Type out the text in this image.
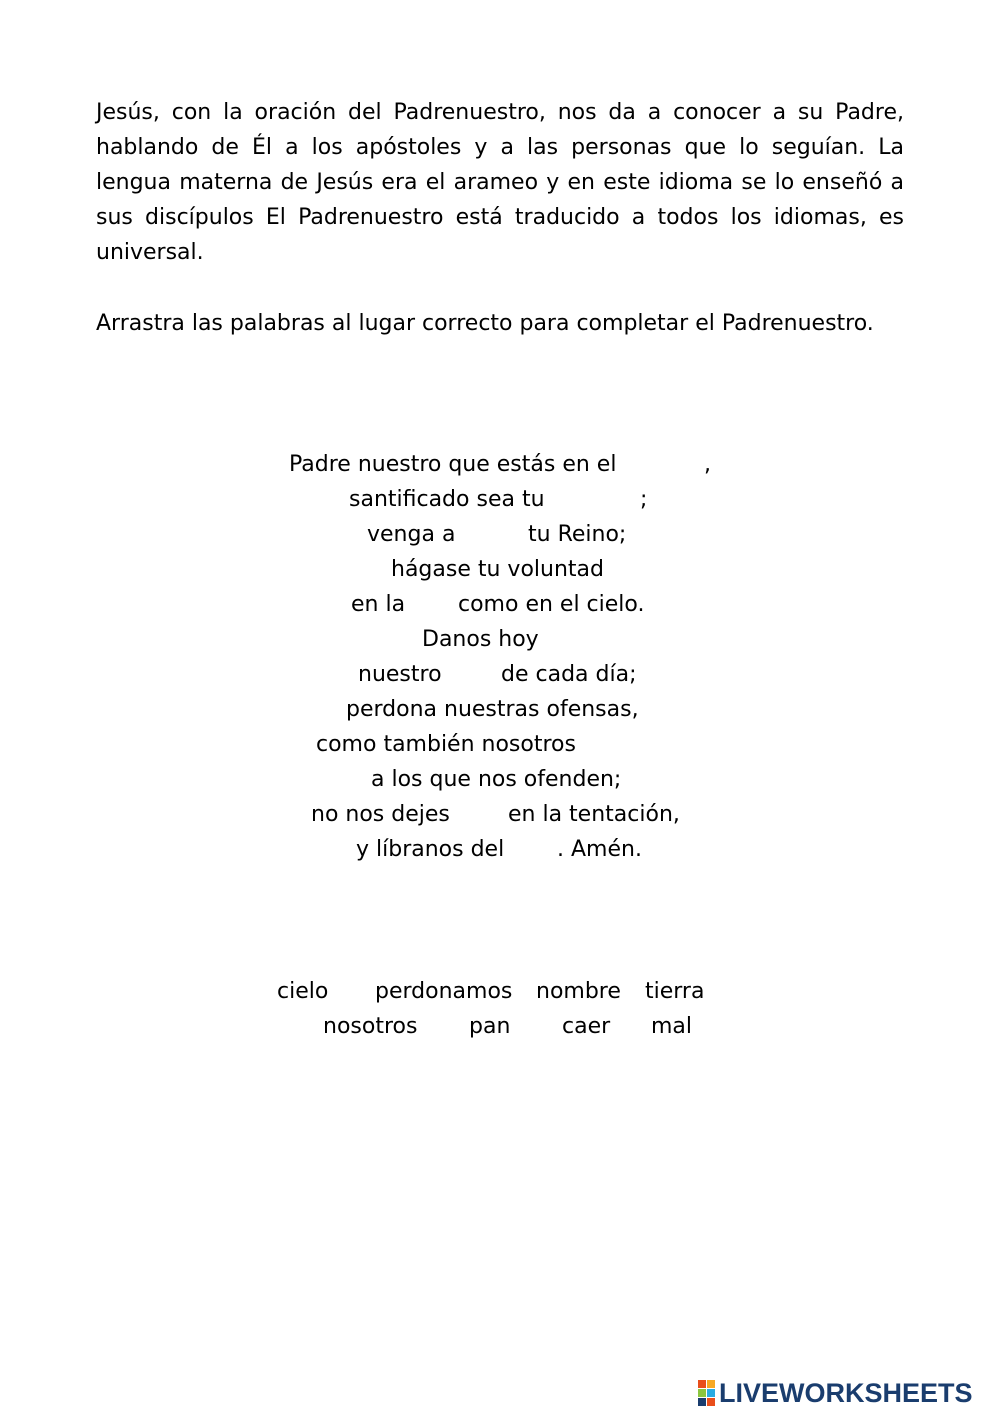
Jesús, con la oración del Padrenuestro, nos da a conocer a su Padre, hablando de Él a los apóstoles y a las personas que lo seguían. La lengua materna de Jesús era el arameo y en este idioma se lo enseñó a sus discípulos El Padrenuestro está traducido a todos los idiomas, es universal.

Arrastra las palabras al lugar correcto para completar el Padrenuestro.

Padre nuestro que estás en el

	,

santificado sea tu

	;

venga a

	tu Reino;

hágase tu voluntad

en la

como en el cielo.

Danos hoy

nuestro

	de cada día;

perdona nuestras ofensas,

como también nosotros

a los que nos ofenden;

no nos dejes

	en la tentación,

y líbranos del

. Amén.

cielo perdonamos nombre tierra
nosotros pan caer mal
LIVEWORKSHEETS
